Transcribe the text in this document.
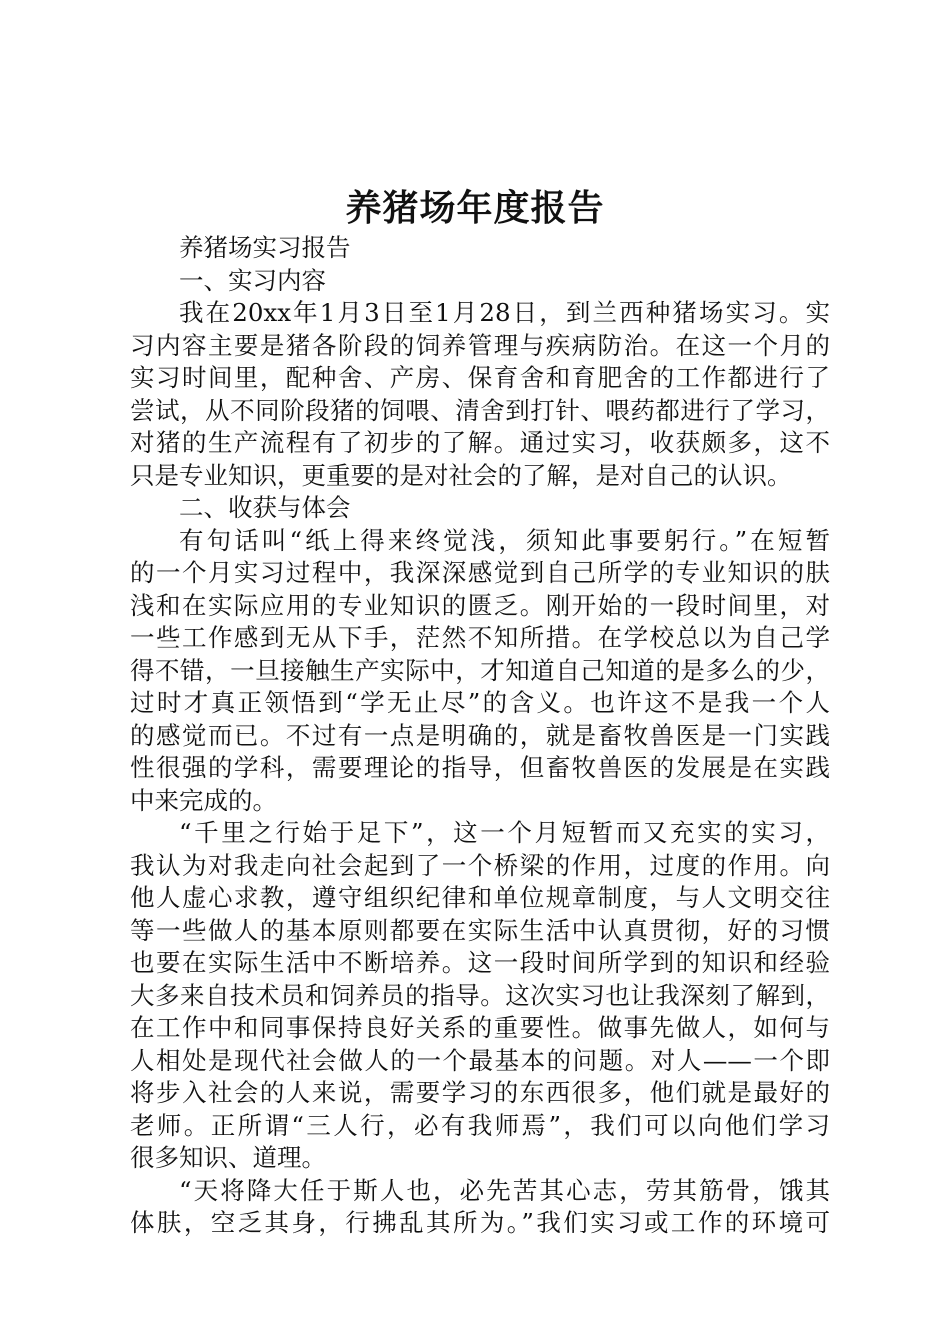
养猪场年度报告
养猪场实习报告
一、实习内容
我在20xx年1月3日至1月28日，到兰西种猪场实习。实
习内容主要是猪各阶段的饲养管理与疾病防治。在这一个月的
实习时间里，配种舍、产房、保育舍和育肥舍的工作都进行了
尝试，从不同阶段猪的饲喂、清舍到打针、喂药都进行了学习，
对猪的生产流程有了初步的了解。通过实习，收获颇多，这不
只是专业知识，更重要的是对社会的了解，是对自己的认识。
二、收获与体会
有句话叫“纸上得来终觉浅，须知此事要躬行。”在短暂
的一个月实习过程中，我深深感觉到自己所学的专业知识的肤
浅和在实际应用的专业知识的匮乏。刚开始的一段时间里，对
一些工作感到无从下手，茫然不知所措。在学校总以为自己学
得不错，一旦接触生产实际中，才知道自己知道的是多么的少，
过时才真正领悟到“学无止尽”的含义。也许这不是我一个人
的感觉而已。不过有一点是明确的，就是畜牧兽医是一门实践
性很强的学科，需要理论的指导，但畜牧兽医的发展是在实践
中来完成的。
“千里之行始于足下”，这一个月短暂而又充实的实习，
我认为对我走向社会起到了一个桥梁的作用，过度的作用。向
他人虚心求教，遵守组织纪律和单位规章制度，与人文明交往
等一些做人的基本原则都要在实际生活中认真贯彻，好的习惯
也要在实际生活中不断培养。这一段时间所学到的知识和经验
大多来自技术员和饲养员的指导。这次实习也让我深刻了解到，
在工作中和同事保持良好关系的重要性。做事先做人，如何与
人相处是现代社会做人的一个最基本的问题。对人——一个即
将步入社会的人来说，需要学习的东西很多，他们就是最好的
老师。正所谓“三人行，必有我师焉”，我们可以向他们学习
很多知识、道理。
“天将降大任于斯人也，必先苦其心志，劳其筋骨，饿其
体肤，空乏其身，行拂乱其所为。”我们实习或工作的环境可
